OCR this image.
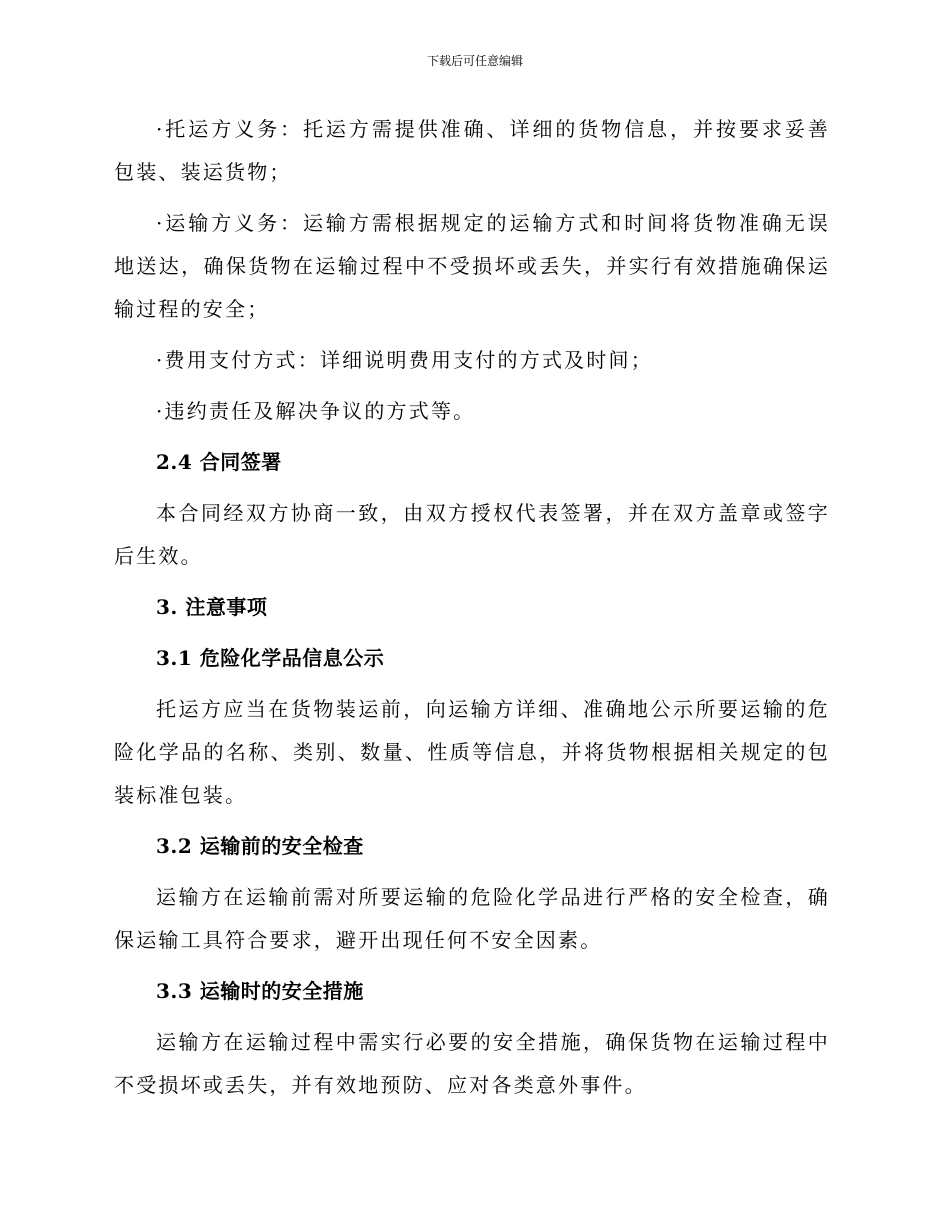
下载后可任意编辑

·托运方义务：托运方需提供准确、详细的货物信息，并按要求妥善包装、装运货物；

·运输方义务：运输方需根据规定的运输方式和时间将货物准确无误地送达，确保货物在运输过程中不受损坏或丢失，并实行有效措施确保运输过程的安全；

·费用支付方式：详细说明费用支付的方式及时间；

·违约责任及解决争议的方式等。

2.4 合同签署

本合同经双方协商一致，由双方授权代表签署，并在双方盖章或签字后生效。

3. 注意事项
3.1 危险化学品信息公示

托运方应当在货物装运前，向运输方详细、准确地公示所要运输的危险化学品的名称、类别、数量、性质等信息，并将货物根据相关规定的包装标准包装。

3.2 运输前的安全检查

运输方在运输前需对所要运输的危险化学品进行严格的安全检查，确保运输工具符合要求，避开出现任何不安全因素。

3.3 运输时的安全措施

运输方在运输过程中需实行必要的安全措施，确保货物在运输过程中不受损坏或丢失，并有效地预防、应对各类意外事件。
